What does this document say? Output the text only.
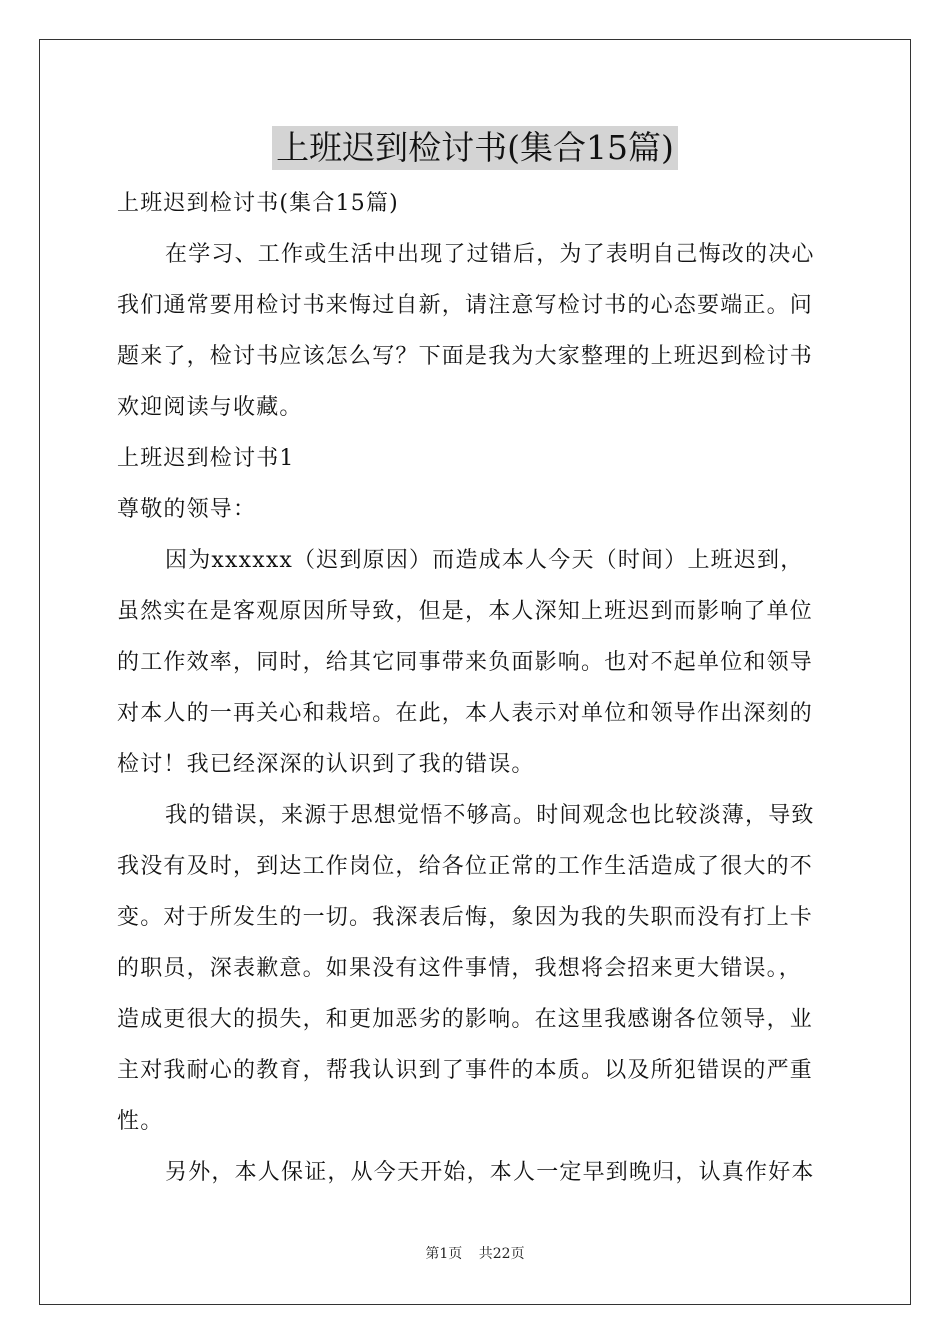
上班迟到检讨书(集合15篇)
上班迟到检讨书(集合15篇)
在学习、工作或生活中出现了过错后，为了表明自己悔改的决心
我们通常要用检讨书来悔过自新，请注意写检讨书的心态要端正。问
题来了，检讨书应该怎么写？下面是我为大家整理的上班迟到检讨书
欢迎阅读与收藏。
上班迟到检讨书1
尊敬的领导：
因为xxxxxx（迟到原因）而造成本人今天（时间）上班迟到，
虽然实在是客观原因所导致，但是，本人深知上班迟到而影响了单位
的工作效率，同时，给其它同事带来负面影响。也对不起单位和领导
对本人的一再关心和栽培。在此，本人表示对单位和领导作出深刻的
检讨！我已经深深的认识到了我的错误。
我的错误，来源于思想觉悟不够高。时间观念也比较淡薄，导致
我没有及时，到达工作岗位，给各位正常的工作生活造成了很大的不
变。对于所发生的一切。我深表后悔，象因为我的失职而没有打上卡
的职员，深表歉意。如果没有这件事情，我想将会招来更大错误。，
造成更很大的损失，和更加恶劣的影响。在这里我感谢各位领导，业
主对我耐心的教育，帮我认识到了事件的本质。以及所犯错误的严重
性。
另外，本人保证，从今天开始，本人一定早到晚归，认真作好本
第1页 共22页
